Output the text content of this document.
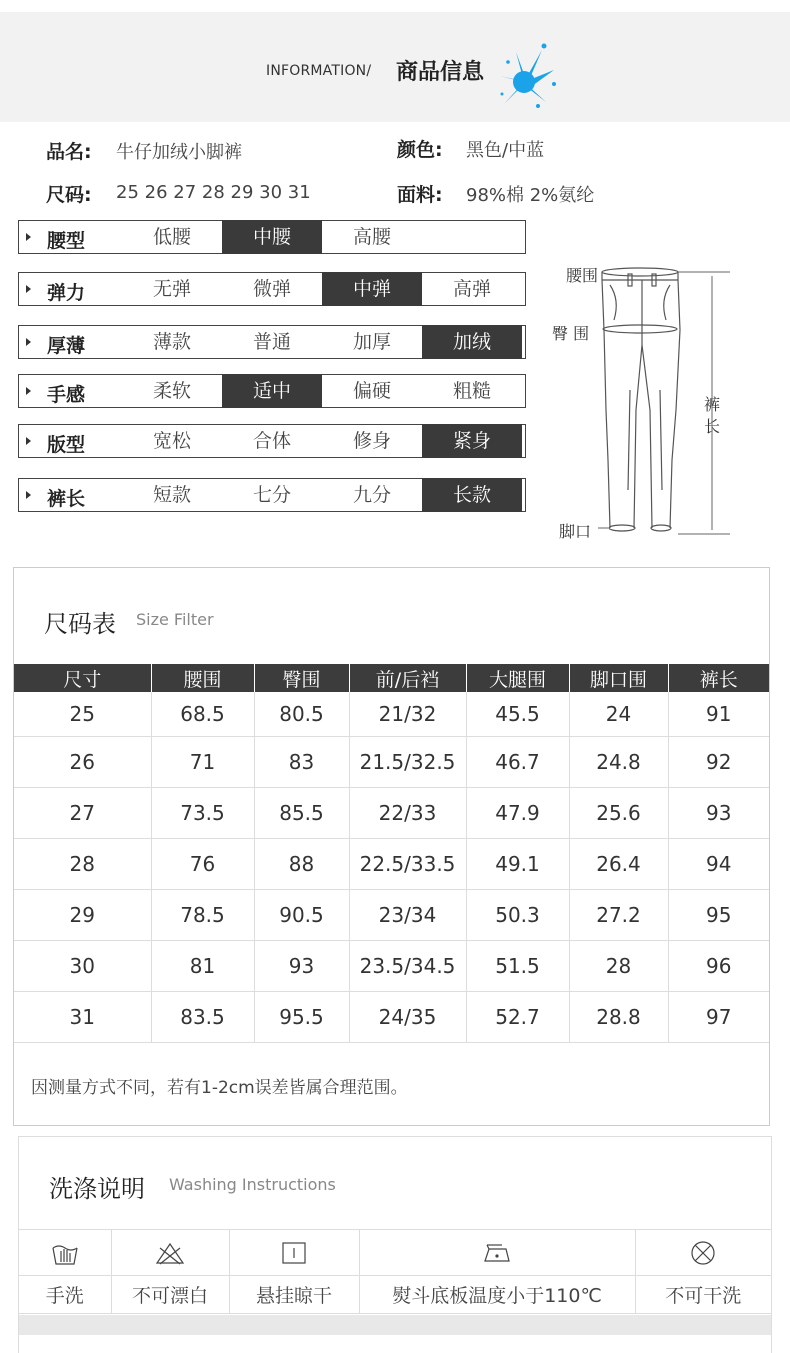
INFORMATION/ 商品信息
品名: 牛仔加绒小脚裤	颜色: 黑色/中蓝
尺码: 25 26 27 28 29 30 31	面料: 98%棉 2%氨纶
腰型	低腰	中腰	高腰
弹力	无弹	微弹	中弹	高弹
厚薄	薄款	普通	加厚	加绒
手感	柔软	适中	偏硬	粗糙
版型	宽松	合体	修身	紧身
裤长	短款	七分	九分	长款
腰围
臀 围
裤
长
脚口
尺码表 Size Filter
尺寸	腰围	臀围	前/后裆	大腿围	脚口围	裤长
25	68.5	80.5	21/32	45.5	24	91
26	71	83	21.5/32.5	46.7	24.8	92
27	73.5	85.5	22/33	47.9	25.6	93
28	76	88	22.5/33.5	49.1	26.4	94
29	78.5	90.5	23/34	50.3	27.2	95
30	81	93	23.5/34.5	51.5	28	96
31	83.5	95.5	24/35	52.7	28.8	97
因测量方式不同，若有1-2cm误差皆属合理范围。
洗涤说明 Washing Instructions

手洗	不可漂白	悬挂晾干	熨斗底板温度小于110℃	不可干洗
